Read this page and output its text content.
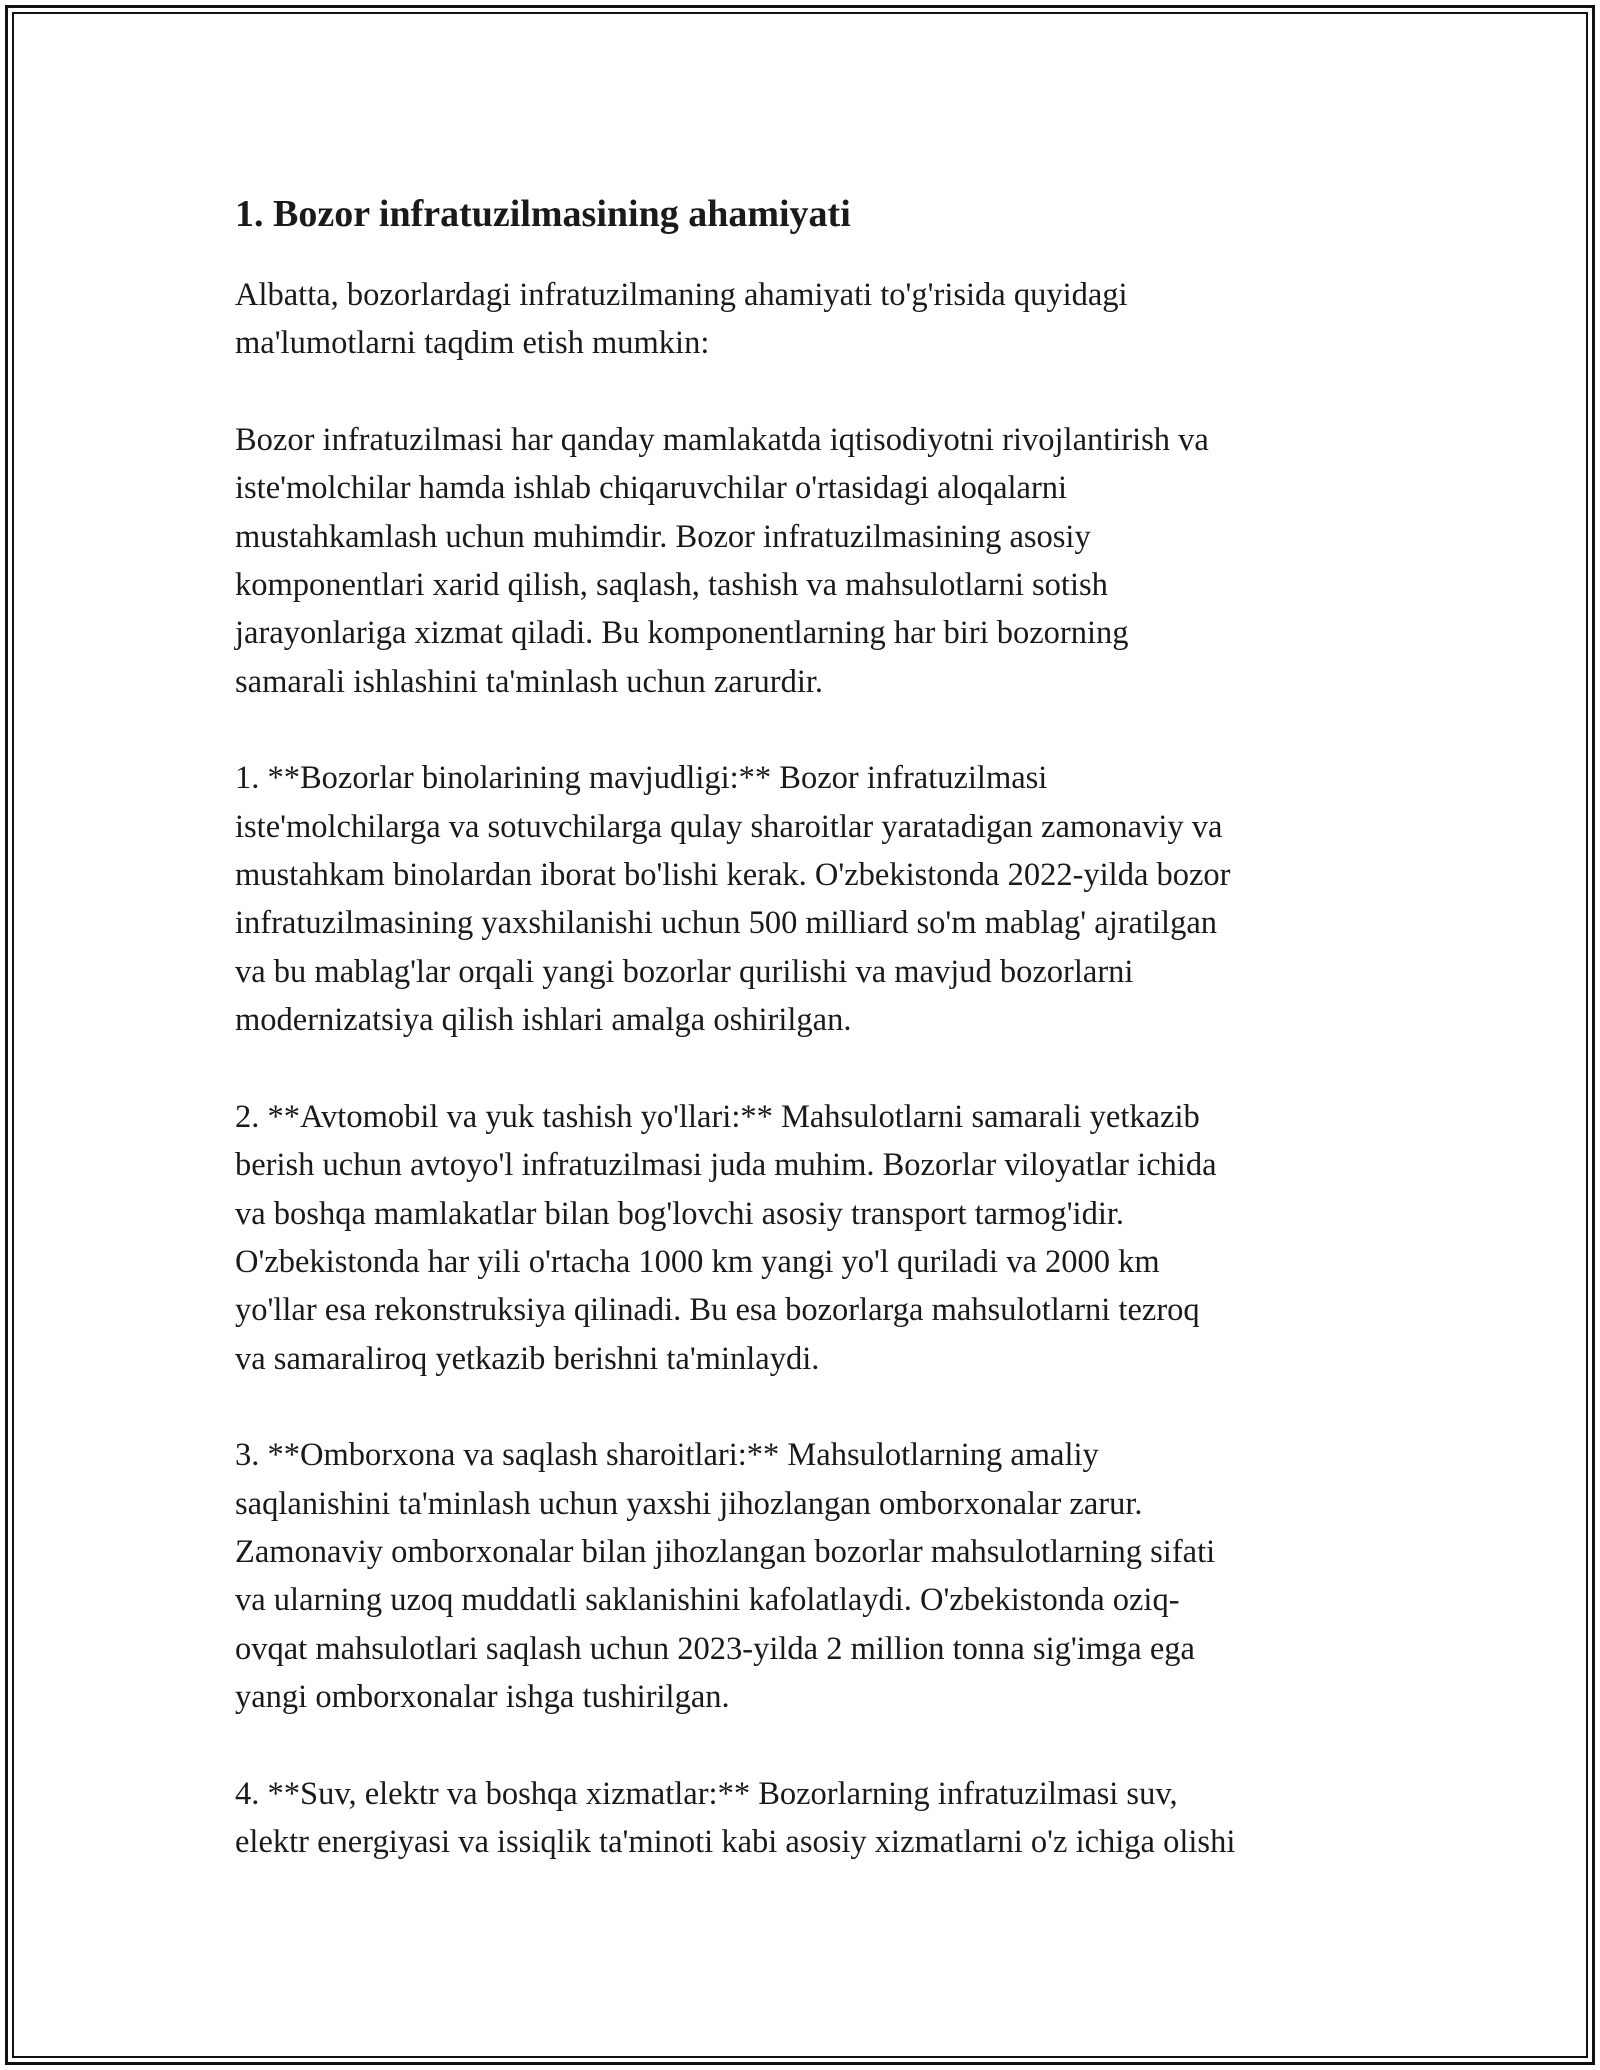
1. Bozor infratuzilmasining ahamiyati

Albatta, bozorlardagi infratuzilmaning ahamiyati to'g'risida quyidagi
ma'lumotlarni taqdim etish mumkin:

Bozor infratuzilmasi har qanday mamlakatda iqtisodiyotni rivojlantirish va
iste'molchilar hamda ishlab chiqaruvchilar o'rtasidagi aloqalarni
mustahkamlash uchun muhimdir. Bozor infratuzilmasining asosiy
komponentlari xarid qilish, saqlash, tashish va mahsulotlarni sotish
jarayonlariga xizmat qiladi. Bu komponentlarning har biri bozorning
samarali ishlashini ta'minlash uchun zarurdir.

1. **Bozorlar binolarining mavjudligi:** Bozor infratuzilmasi
iste'molchilarga va sotuvchilarga qulay sharoitlar yaratadigan zamonaviy va
mustahkam binolardan iborat bo'lishi kerak. O'zbekistonda 2022-yilda bozor
infratuzilmasining yaxshilanishi uchun 500 milliard so'm mablag' ajratilgan
va bu mablag'lar orqali yangi bozorlar qurilishi va mavjud bozorlarni
modernizatsiya qilish ishlari amalga oshirilgan.

2. **Avtomobil va yuk tashish yo'llari:** Mahsulotlarni samarali yetkazib
berish uchun avtoyo'l infratuzilmasi juda muhim. Bozorlar viloyatlar ichida
va boshqa mamlakatlar bilan bog'lovchi asosiy transport tarmog'idir.
O'zbekistonda har yili o'rtacha 1000 km yangi yo'l quriladi va 2000 km
yo'llar esa rekonstruksiya qilinadi. Bu esa bozorlarga mahsulotlarni tezroq
va samaraliroq yetkazib berishni ta'minlaydi.

3. **Omborxona va saqlash sharoitlari:** Mahsulotlarning amaliy
saqlanishini ta'minlash uchun yaxshi jihozlangan omborxonalar zarur.
Zamonaviy omborxonalar bilan jihozlangan bozorlar mahsulotlarning sifati
va ularning uzoq muddatli saklanishini kafolatlaydi. O'zbekistonda oziq-
ovqat mahsulotlari saqlash uchun 2023-yilda 2 million tonna sig'imga ega
yangi omborxonalar ishga tushirilgan.

4. **Suv, elektr va boshqa xizmatlar:** Bozorlarning infratuzilmasi suv,
elektr energiyasi va issiqlik ta'minoti kabi asosiy xizmatlarni o'z ichiga olishi
